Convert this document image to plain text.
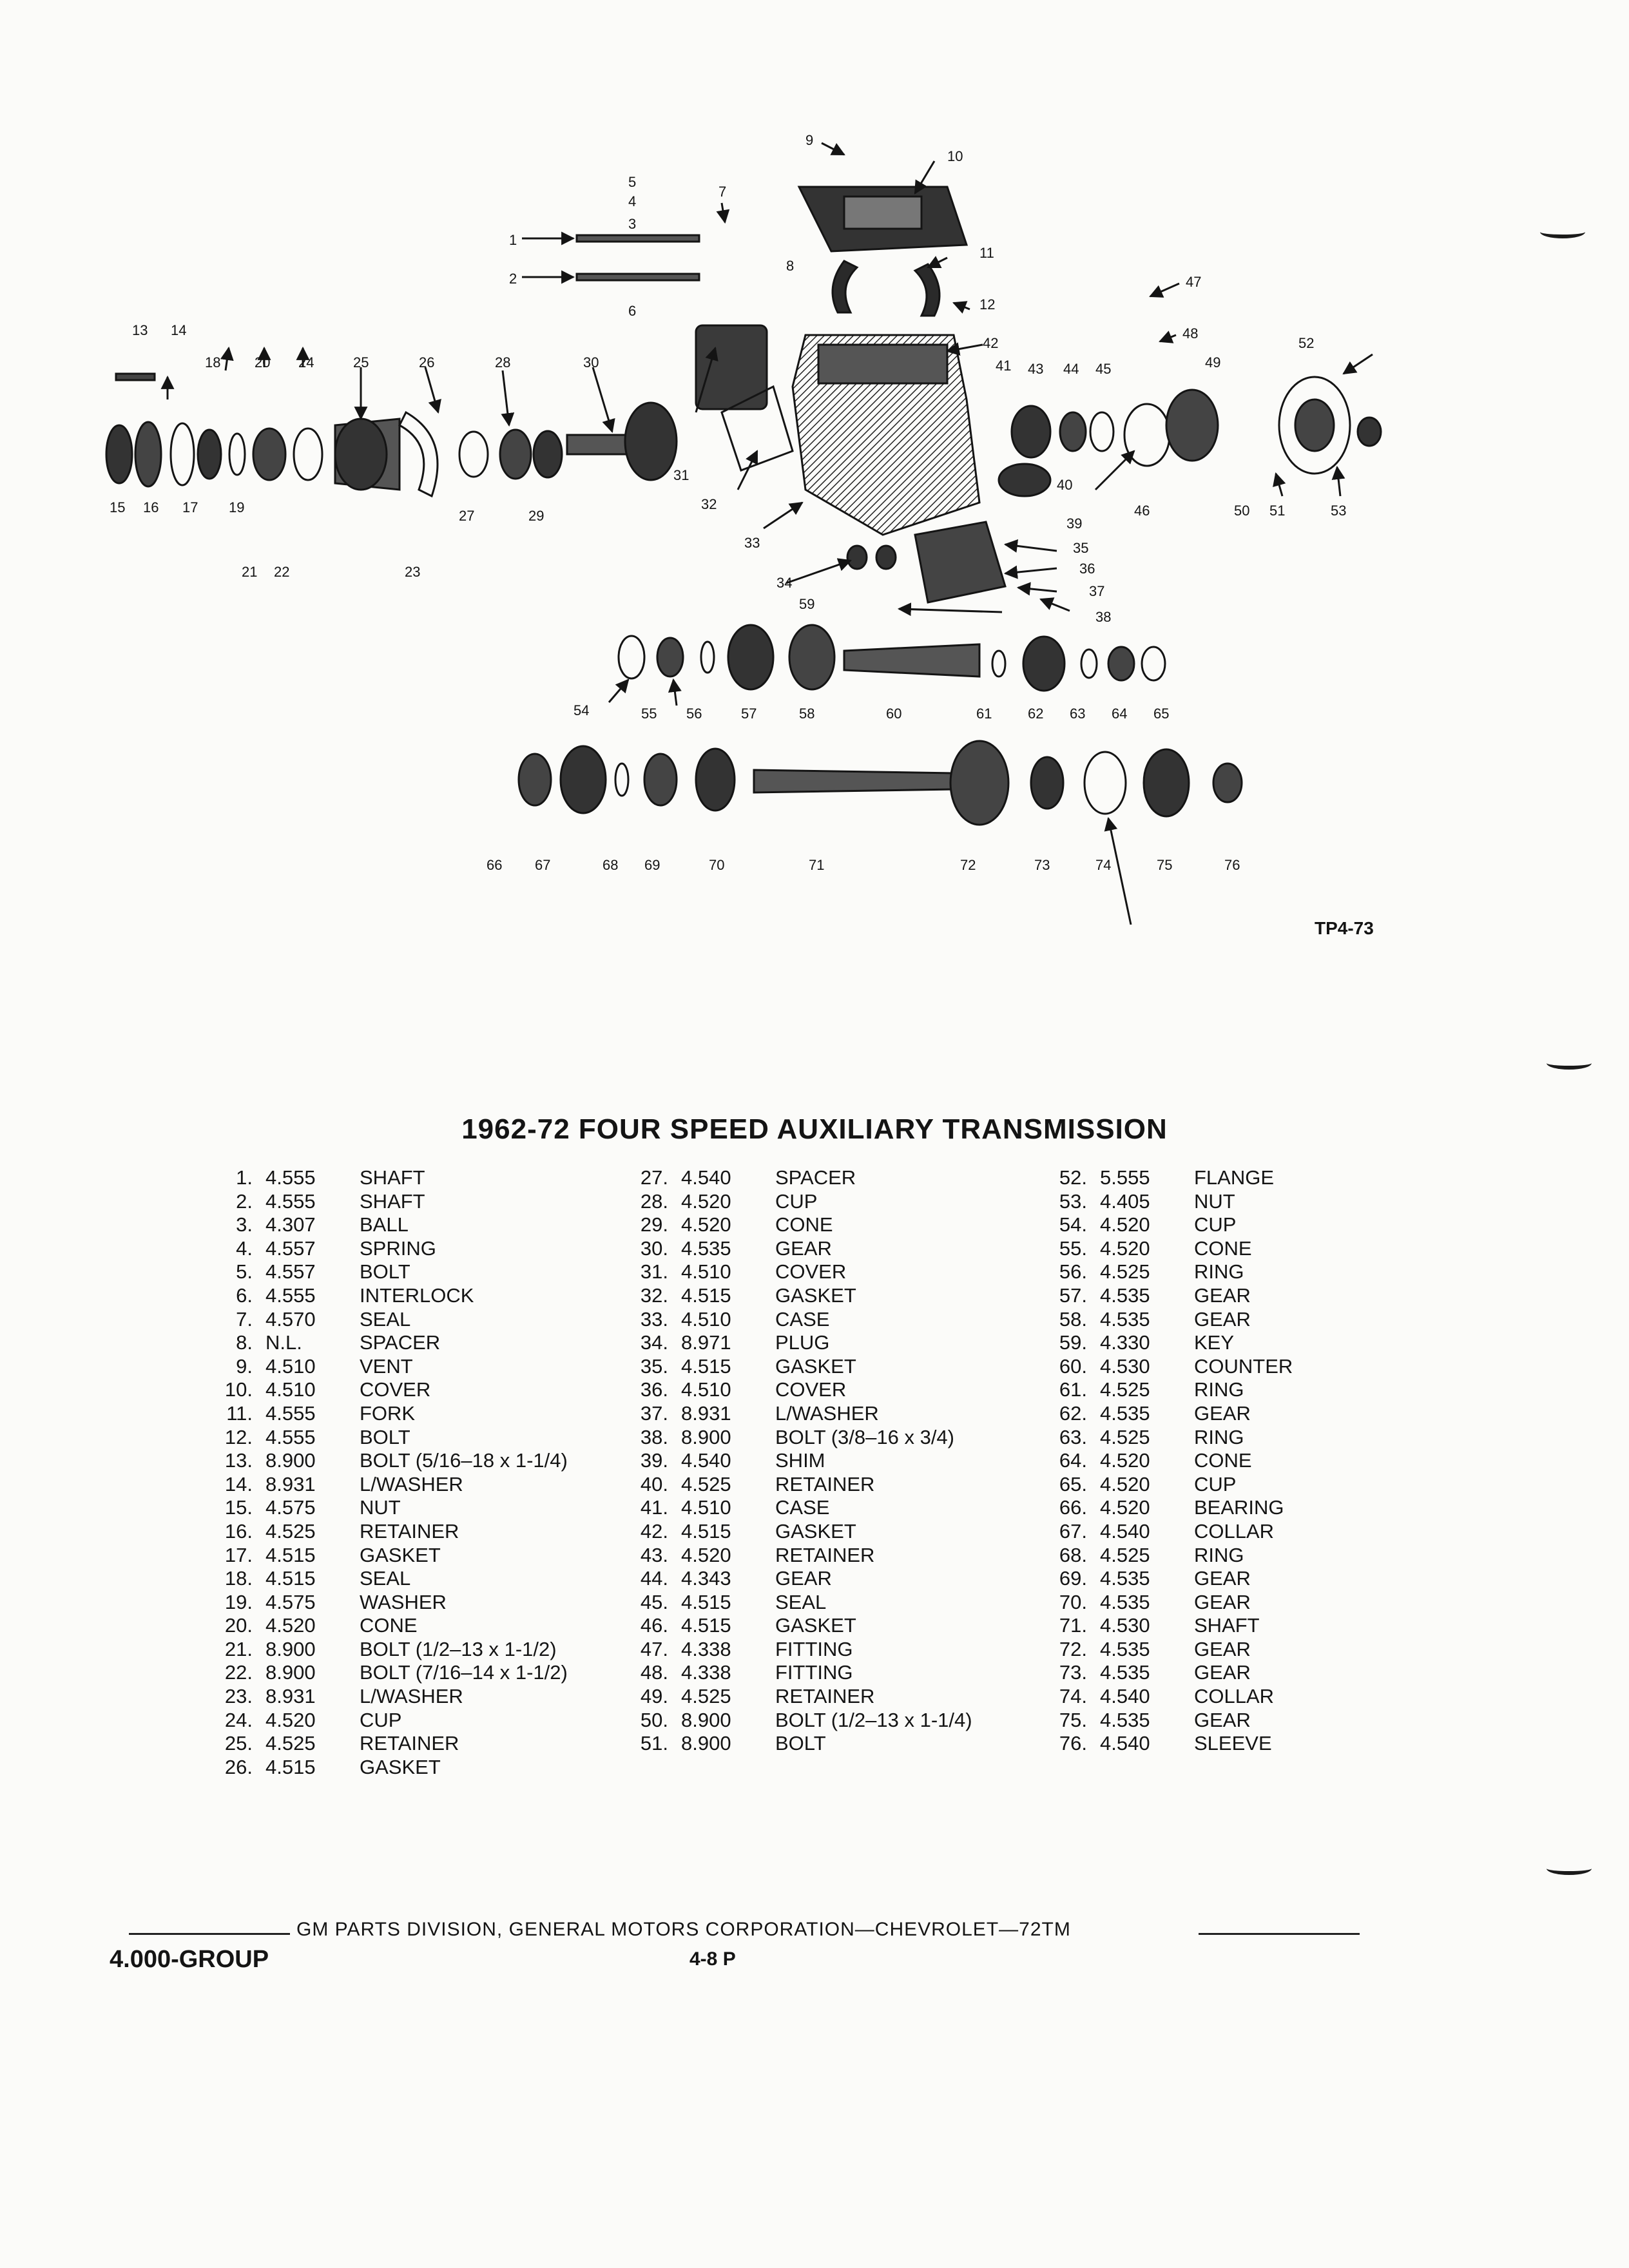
1
2
3
4
5
6
7
8
9
10
11
12
13 14
15 16 17
18
19
20
21 22	23
24	25	26
27
28
29
30
31
32
33
34
35
36
37
38
39
40
41
42
43 44 45
46
47
48
49
50 51
52
53
54	55 56	57	58
59
60	61	62 63 64 65
66 67	68 69	70	71	72	73	74	75	76
TP4-73
1962-72 FOUR SPEED AUXILIARY TRANSMISSION
1. 4.555 SHAFT
2. 4.555 SHAFT
3. 4.307 BALL
4. 4.557 SPRING
5. 4.557 BOLT
6. 4.555 INTERLOCK
7. 4.570 SEAL
8. N.L.	SPACER
9. 4.510 VENT
10. 4.510 COVER
11. 4.555 FORK
12. 4.555 BOLT
13. 8.900 BOLT (5/16–18 x 1-1/4)
14. 8.931 L/WASHER
15. 4.575 NUT
16. 4.525 RETAINER
17. 4.515 GASKET
18. 4.515 SEAL
19. 4.575 WASHER
20. 4.520 CONE
21. 8.900 BOLT (1/2–13 x 1-1/2)
22. 8.900 BOLT (7/16–14 x 1-1/2)
23. 8.931 L/WASHER
24. 4.520 CUP
25. 4.525 RETAINER
26. 4.515 GASKET
27. 4.540 SPACER
28. 4.520 CUP
29. 4.520 CONE
30. 4.535 GEAR
31. 4.510 COVER
32. 4.515 GASKET
33. 4.510 CASE
34. 8.971 PLUG
35. 4.515 GASKET
36. 4.510 COVER
37. 8.931 L/WASHER
38. 8.900 BOLT (3/8–16 x 3/4)
39. 4.540 SHIM
40. 4.525 RETAINER
41. 4.510 CASE
42. 4.515 GASKET
43. 4.520 RETAINER
44. 4.343 GEAR
45. 4.515 SEAL
46. 4.515 GASKET
47. 4.338 FITTING
48. 4.338 FITTING
49. 4.525 RETAINER
50. 8.900 BOLT (1/2–13 x 1-1/4)
51. 8.900 BOLT
52. 5.555 FLANGE
53. 4.405 NUT
54. 4.520 CUP
55. 4.520 CONE
56. 4.525 RING
57. 4.535 GEAR
58. 4.535 GEAR
59. 4.330 KEY
60. 4.530 COUNTER
61. 4.525 RING
62. 4.535 GEAR
63. 4.525 RING
64. 4.520 CONE
65. 4.520 CUP
66. 4.520 BEARING
67. 4.540 COLLAR
68. 4.525 RING
69. 4.535 GEAR
70. 4.535 GEAR
71. 4.530 SHAFT
72. 4.535 GEAR
73. 4.535 GEAR
74. 4.540 COLLAR
75. 4.535 GEAR
76. 4.540 SLEEVE
GM PARTS DIVISION, GENERAL MOTORS CORPORATION—CHEVROLET—72TM
4.000-GROUP	4-8 P
